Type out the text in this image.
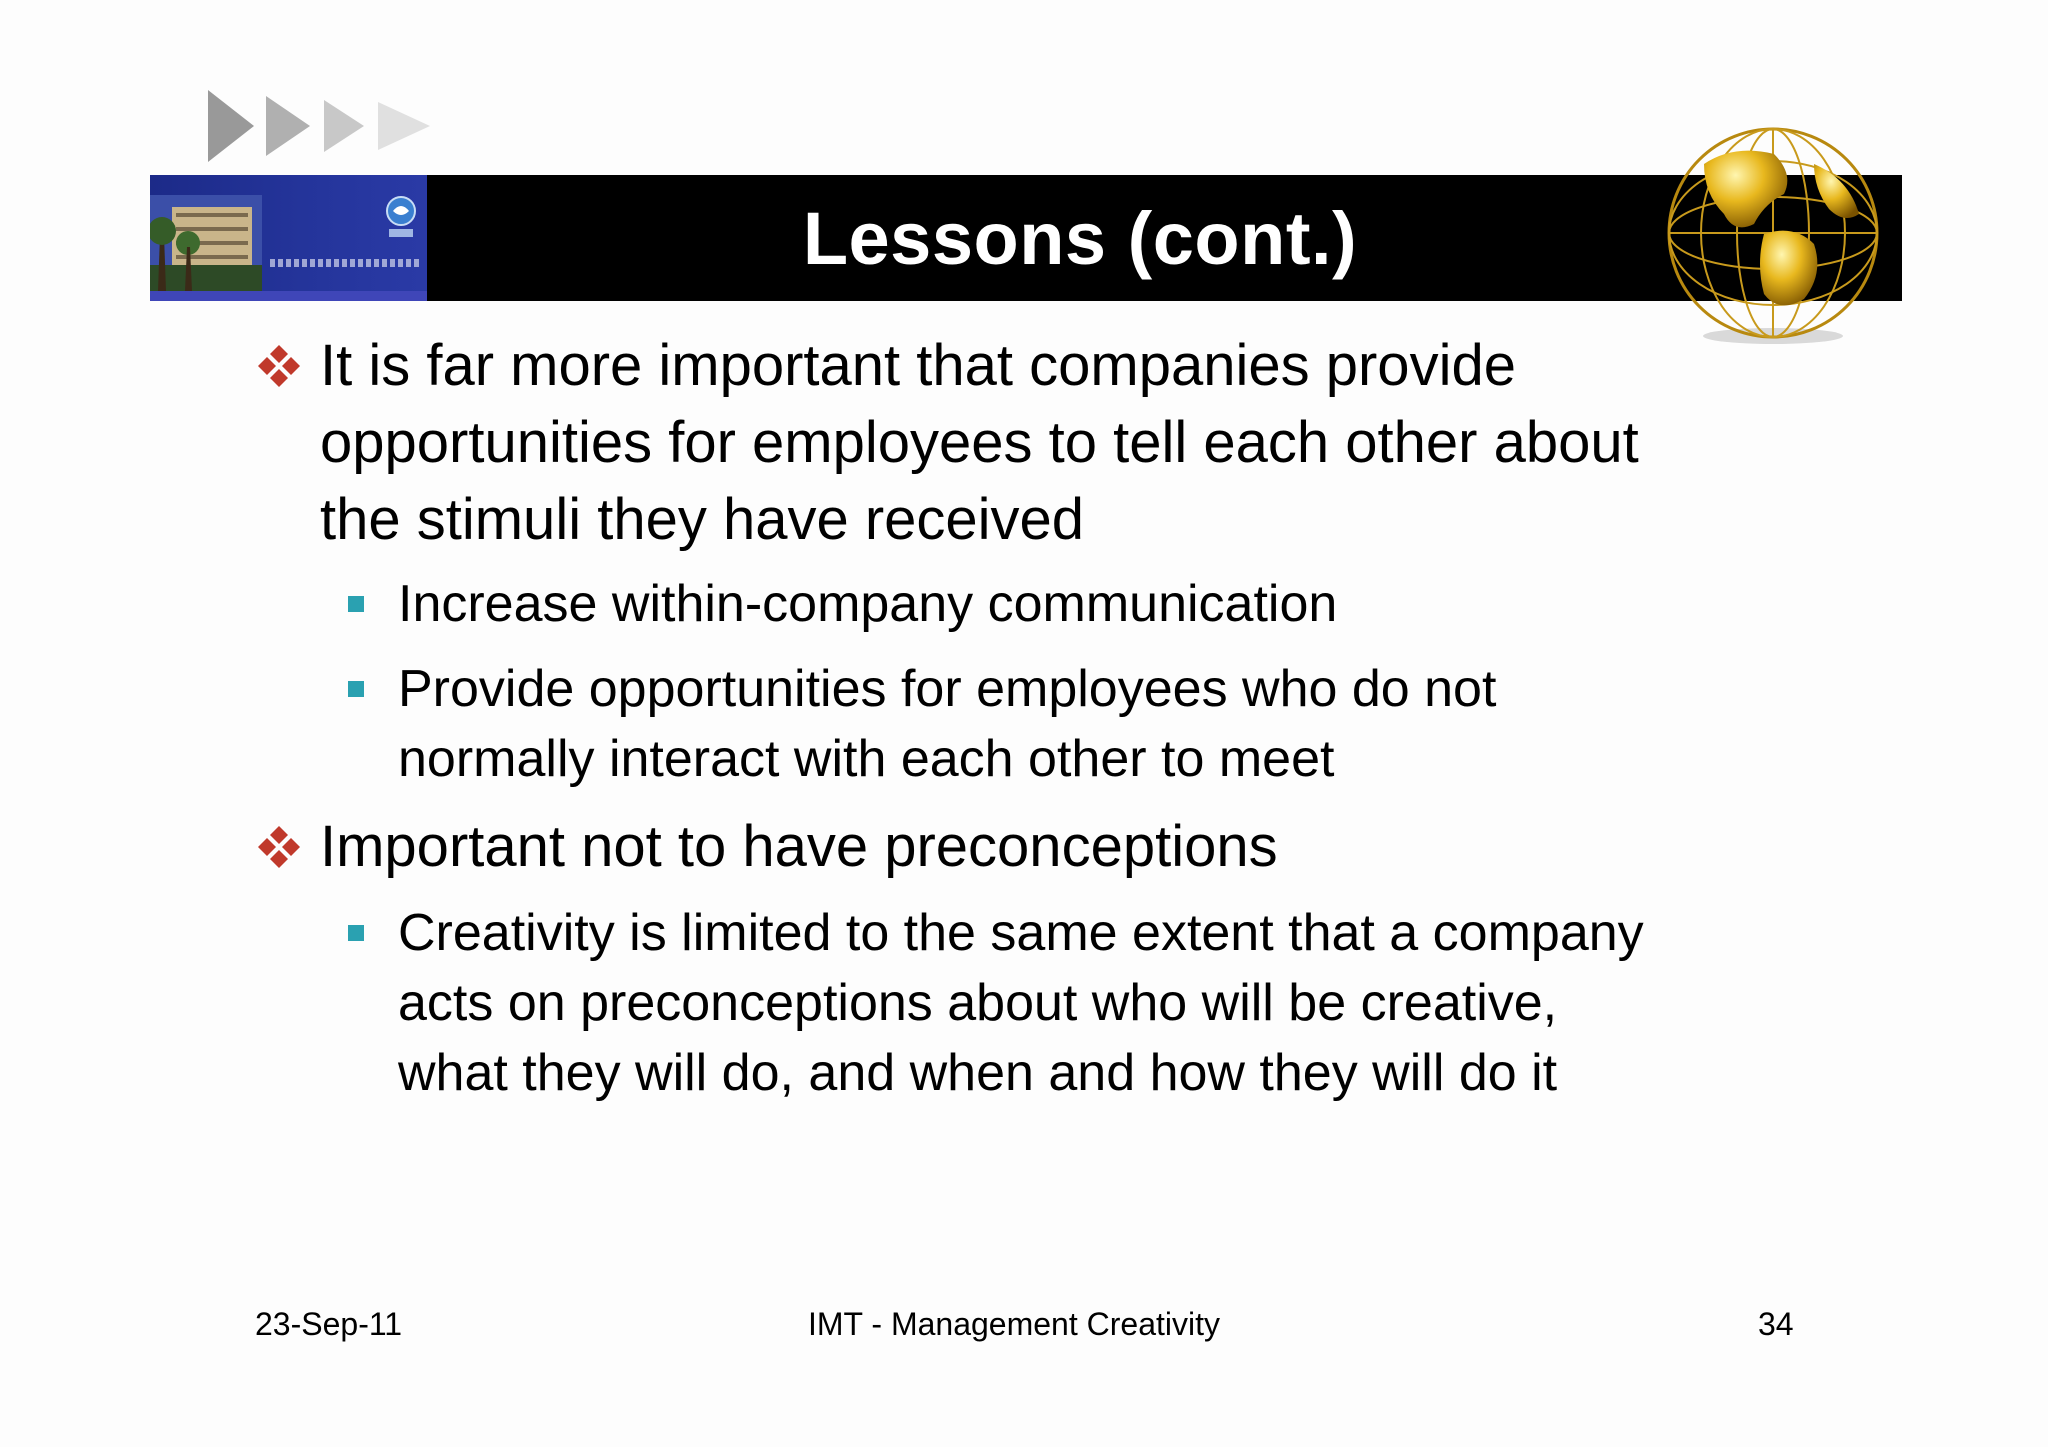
Lessons (cont.)
It is far more important that companies provide
opportunities for employees to tell each other about
the stimuli they have received
Increase within-company communication
Provide opportunities for employees who do not
normally interact with each other to meet
Important not to have preconceptions
Creativity is limited to the same extent that a company
acts on preconceptions about who will be creative,
what they will do, and when and how they will do it
23-Sep-11	IMT - Management Creativity	34
